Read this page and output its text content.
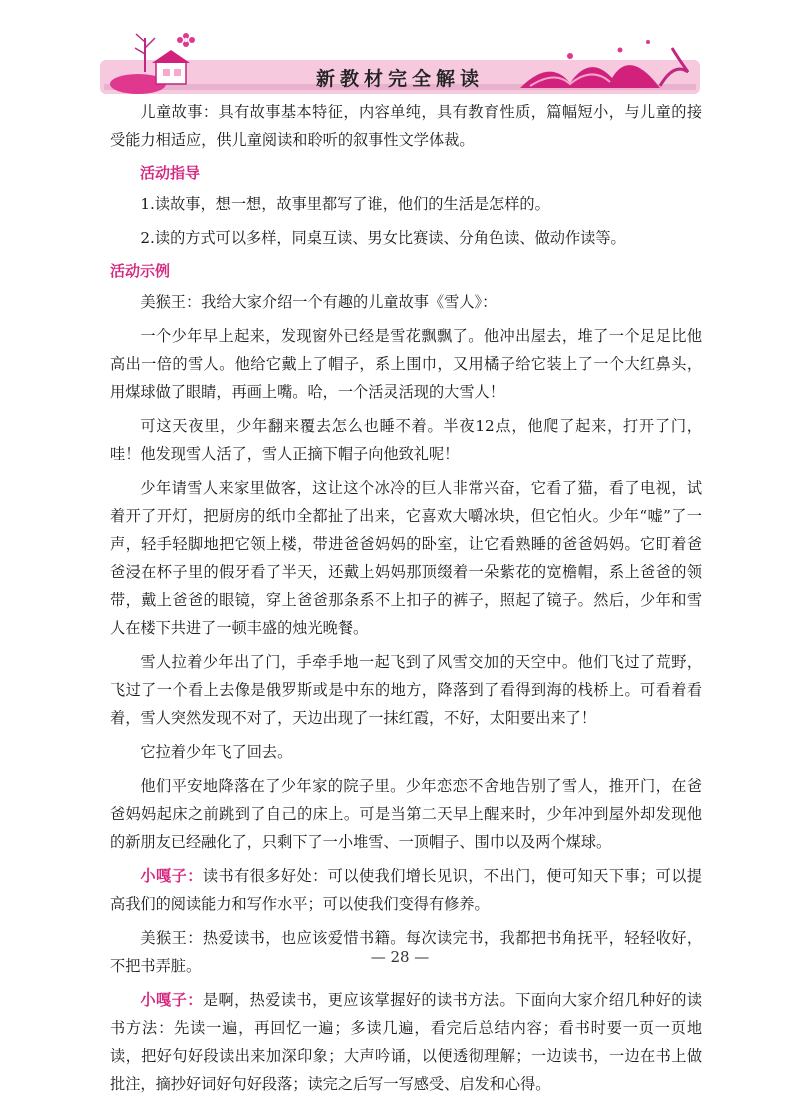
新教材完全解读

儿童故事：具有故事基本特征，内容单纯，具有教育性质，篇幅短小，与儿童的接受能力相适应，供儿童阅读和聆听的叙事性文学体裁。

活动指导

1.读故事，想一想，故事里都写了谁，他们的生活是怎样的。

2.读的方式可以多样，同桌互读、男女比赛读、分角色读、做动作读等。

活动示例

美猴王：我给大家介绍一个有趣的儿童故事《雪人》：

一个少年早上起来，发现窗外已经是雪花飘飘了。他冲出屋去，堆了一个足足比他高出一倍的雪人。他给它戴上了帽子，系上围巾，又用橘子给它装上了一个大红鼻头，用煤球做了眼睛，再画上嘴。哈，一个活灵活现的大雪人！

可这天夜里，少年翻来覆去怎么也睡不着。半夜12点，他爬了起来，打开了门，哇！他发现雪人活了，雪人正摘下帽子向他致礼呢！

少年请雪人来家里做客，这让这个冰冷的巨人非常兴奋，它看了猫，看了电视，试着开了开灯，把厨房的纸巾全都扯了出来，它喜欢大嚼冰块，但它怕火。少年“嘘”了一声，轻手轻脚地把它领上楼，带进爸爸妈妈的卧室，让它看熟睡的爸爸妈妈。它盯着爸爸浸在杯子里的假牙看了半天，还戴上妈妈那顶缀着一朵紫花的宽檐帽，系上爸爸的领带，戴上爸爸的眼镜，穿上爸爸那条系不上扣子的裤子，照起了镜子。然后，少年和雪人在楼下共进了一顿丰盛的烛光晚餐。

雪人拉着少年出了门，手牵手地一起飞到了风雪交加的天空中。他们飞过了荒野，飞过了一个看上去像是俄罗斯或是中东的地方，降落到了看得到海的栈桥上。可看着看着，雪人突然发现不对了，天边出现了一抹红霞，不好，太阳要出来了！

它拉着少年飞了回去。

他们平安地降落在了少年家的院子里。少年恋恋不舍地告别了雪人，推开门，在爸爸妈妈起床之前跳到了自己的床上。可是当第二天早上醒来时，少年冲到屋外却发现他的新朋友已经融化了，只剩下了一小堆雪、一顶帽子、围巾以及两个煤球。

小嘎子：读书有很多好处：可以使我们增长见识，不出门，便可知天下事；可以提高我们的阅读能力和写作水平；可以使我们变得有修养。

美猴王：热爱读书，也应该爱惜书籍。每次读完书，我都把书角抚平，轻轻收好，不把书弄脏。

小嘎子：是啊，热爱读书，更应该掌握好的读书方法。下面向大家介绍几种好的读书方法：先读一遍，再回忆一遍；多读几遍，看完后总结内容；看书时要一页一页地读，把好句好段读出来加深印象；大声吟诵，以便透彻理解；一边读书，一边在书上做批注，摘抄好词好句好段落；读完之后写一写感受、启发和心得。

— 28 —
